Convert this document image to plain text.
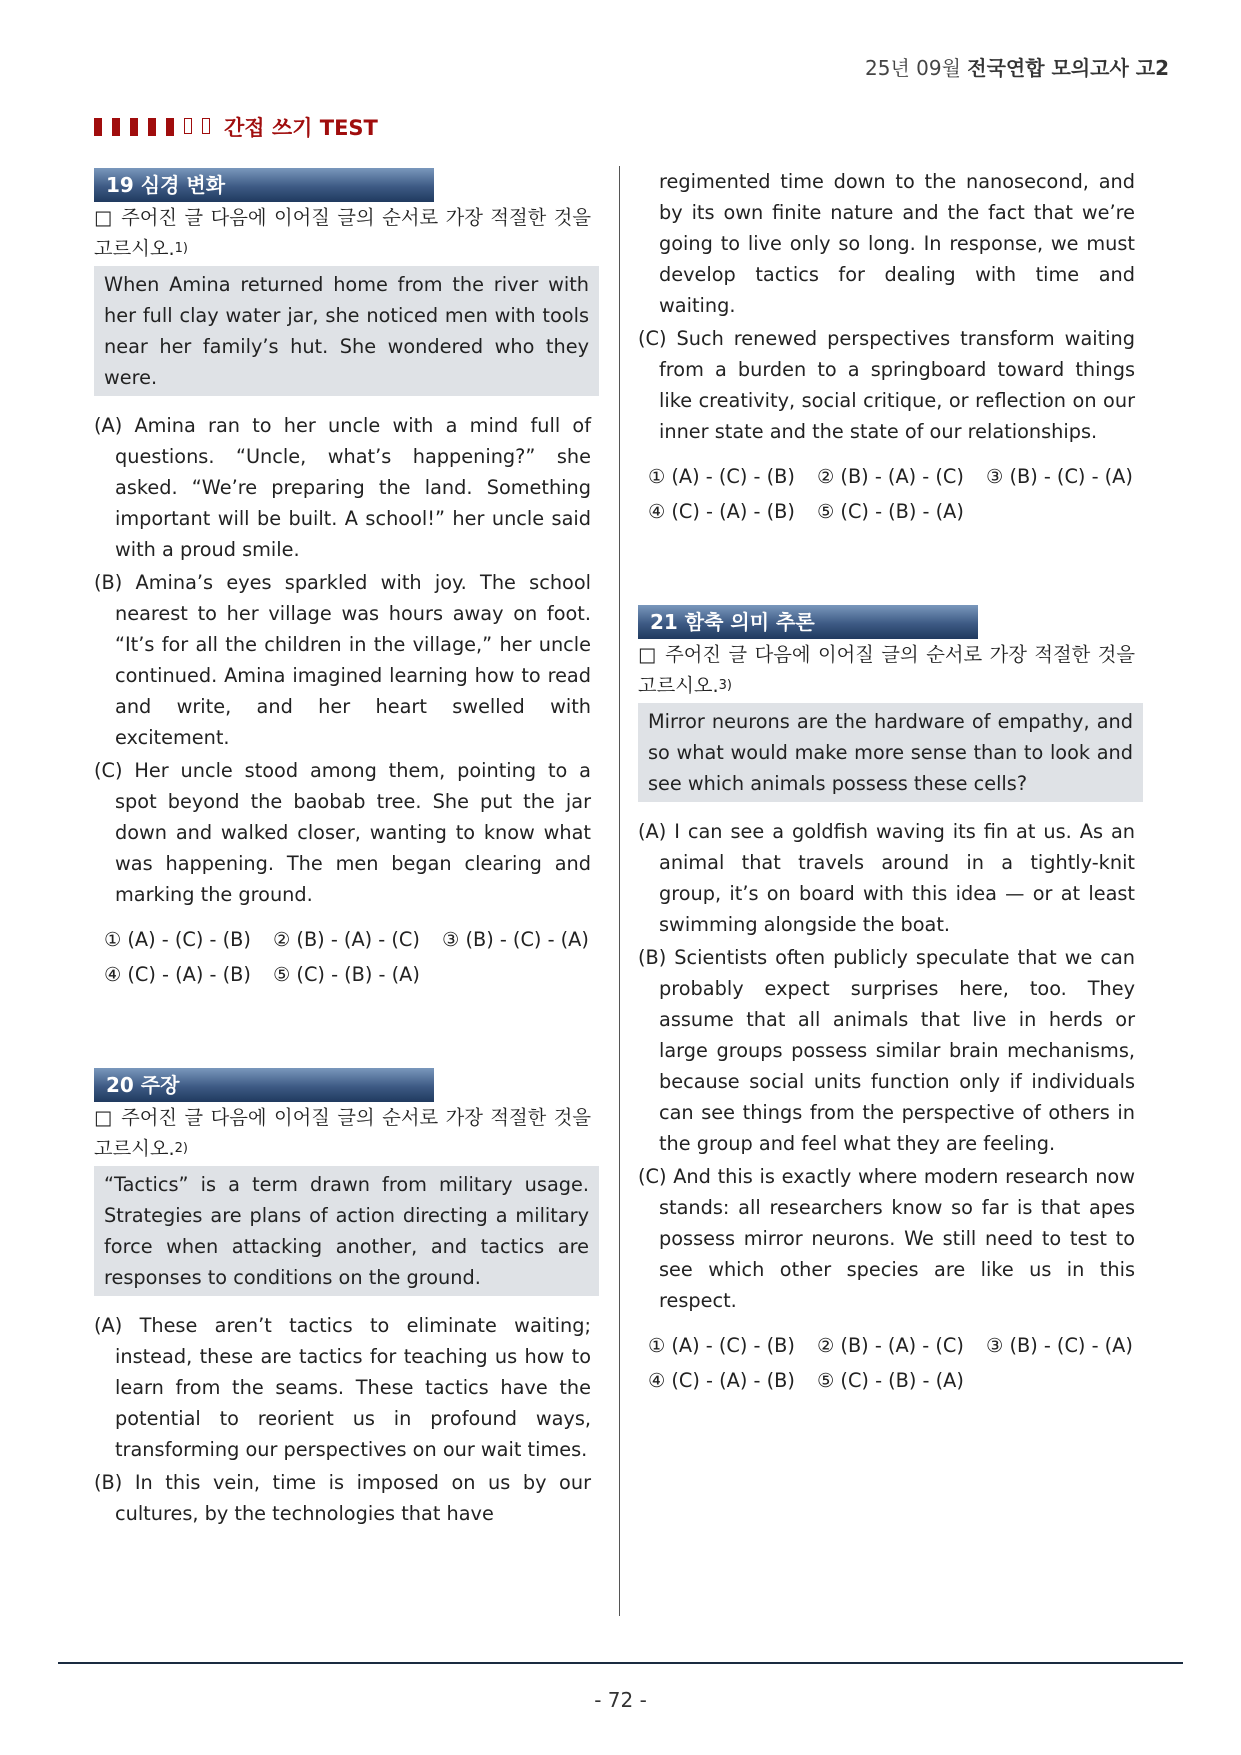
25년 09월 전국연합 모의고사 고2
간접 쓰기 TEST
19 심경 변화
□ 주어진 글 다음에 이어질 글의 순서로 가장 적절한 것을 고르시오.$^{1)}$
When Amina returned home from the river with her full clay water jar, she noticed men with tools near her family’s hut. She wondered who they were.
(A) Amina ran to her uncle with a mind full of questions. “Uncle, what’s happening?” she asked. “We’re preparing the land. Something important will be built. A school!” her uncle said with a proud smile.
(B) Amina’s eyes sparkled with joy. The school nearest to her village was hours away on foot. “It’s for all the children in the village,” her uncle continued. Amina imagined learning how to read and write, and her heart swelled with excitement.
(C) Her uncle stood among them, pointing to a spot beyond the baobab tree. She put the jar down and walked closer, wanting to know what was happening. The men began clearing and marking the ground.
① (A) - (C) - (B) ② (B) - (A) - (C) ③ (B) - (C) - (A)
④ (C) - (A) - (B) ⑤ (C) - (B) - (A)
20 주장
□ 주어진 글 다음에 이어질 글의 순서로 가장 적절한 것을 고르시오.$^{2)}$
“Tactics” is a term drawn from military usage. Strategies are plans of action directing a military force when attacking another, and tactics are responses to conditions on the ground.
(A) These aren’t tactics to eliminate waiting; instead, these are tactics for teaching us how to learn from the seams. These tactics have the potential to reorient us in profound ways, transforming our perspectives on our wait times.
(B) In this vein, time is imposed on us by our cultures, by the technologies that have
regimented time down to the nanosecond, and by its own finite nature and the fact that we’re going to live only so long. In response, we must develop tactics for dealing with time and waiting.
(C) Such renewed perspectives transform waiting from a burden to a springboard toward things like creativity, social critique, or reflection on our inner state and the state of our relationships.
① (A) - (C) - (B) ② (B) - (A) - (C) ③ (B) - (C) - (A)
④ (C) - (A) - (B) ⑤ (C) - (B) - (A)
21 함축 의미 추론
□ 주어진 글 다음에 이어질 글의 순서로 가장 적절한 것을 고르시오.$^{3)}$
Mirror neurons are the hardware of empathy, and so what would make more sense than to look and see which animals possess these cells?
(A) I can see a goldfish waving its fin at us. As an animal that travels around in a tightly-knit group, it’s on board with this idea — or at least swimming alongside the boat.
(B) Scientists often publicly speculate that we can probably expect surprises here, too. They assume that all animals that live in herds or large groups possess similar brain mechanisms, because social units function only if individuals can see things from the perspective of others in the group and feel what they are feeling.
(C) And this is exactly where modern research now stands: all researchers know so far is that apes possess mirror neurons. We still need to test to see which other species are like us in this respect.
① (A) - (C) - (B) ② (B) - (A) - (C) ③ (B) - (C) - (A)
④ (C) - (A) - (B) ⑤ (C) - (B) - (A)
- 72 -
